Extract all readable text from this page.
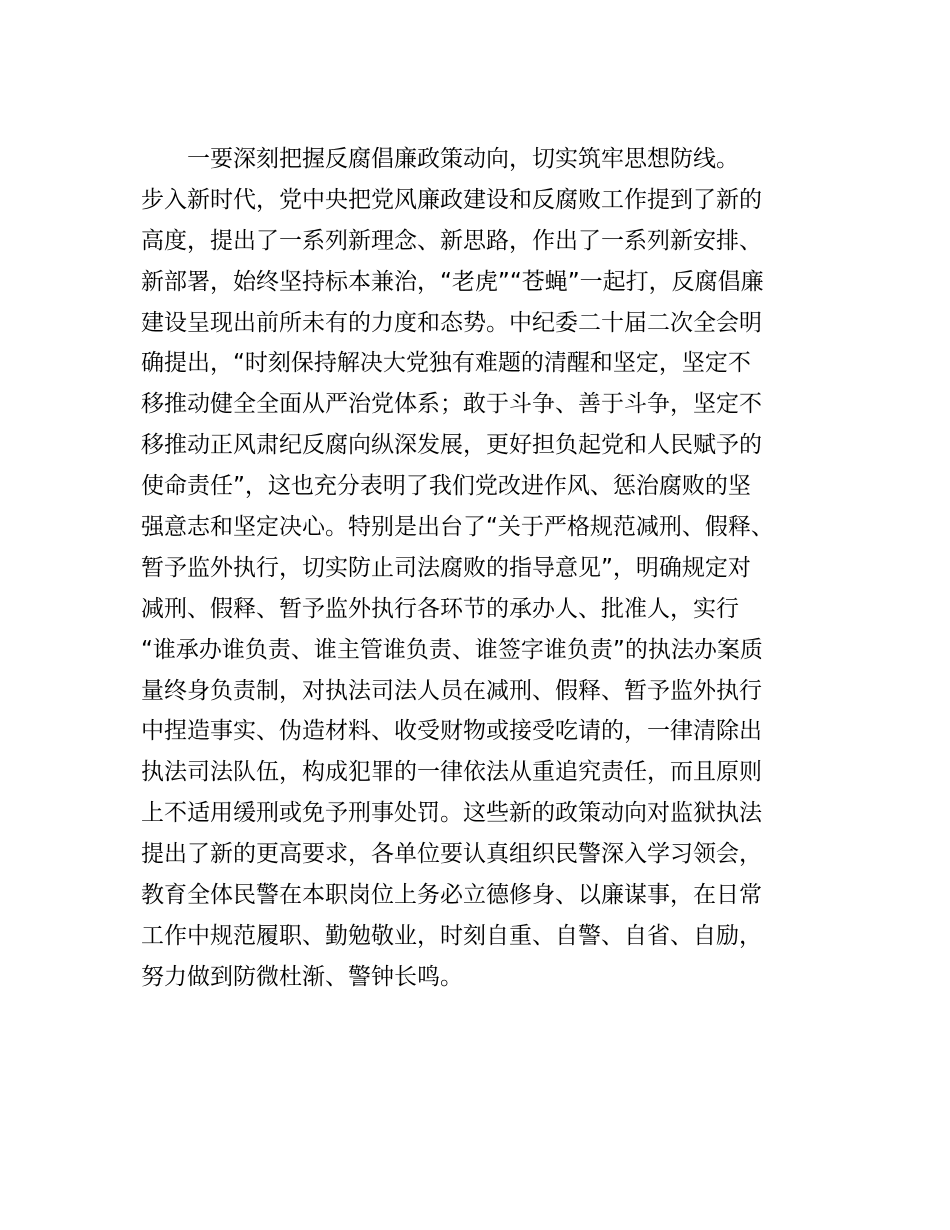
一要深刻把握反腐倡廉政策动向，切实筑牢思想防线。
步入新时代，党中央把党风廉政建设和反腐败工作提到了新的
高度，提出了一系列新理念、新思路，作出了一系列新安排、
新部署，始终坚持标本兼治，“老虎”“苍蝇”一起打，反腐倡廉
建设呈现出前所未有的力度和态势。中纪委二十届二次全会明
确提出，“时刻保持解决大党独有难题的清醒和坚定，坚定不
移推动健全全面从严治党体系；敢于斗争、善于斗争，坚定不
移推动正风肃纪反腐向纵深发展，更好担负起党和人民赋予的
使命责任”，这也充分表明了我们党改进作风、惩治腐败的坚
强意志和坚定决心。特别是出台了“关于严格规范减刑、假释、
暂予监外执行，切实防止司法腐败的指导意见”，明确规定对
减刑、假释、暂予监外执行各环节的承办人、批准人，实行
“谁承办谁负责、谁主管谁负责、谁签字谁负责”的执法办案质
量终身负责制，对执法司法人员在减刑、假释、暂予监外执行
中捏造事实、伪造材料、收受财物或接受吃请的，一律清除出
执法司法队伍，构成犯罪的一律依法从重追究责任，而且原则
上不适用缓刑或免予刑事处罚。这些新的政策动向对监狱执法
提出了新的更高要求，各单位要认真组织民警深入学习领会，
教育全体民警在本职岗位上务必立德修身、以廉谋事，在日常
工作中规范履职、勤勉敬业，时刻自重、自警、自省、自励，
努力做到防微杜渐、警钟长鸣。
